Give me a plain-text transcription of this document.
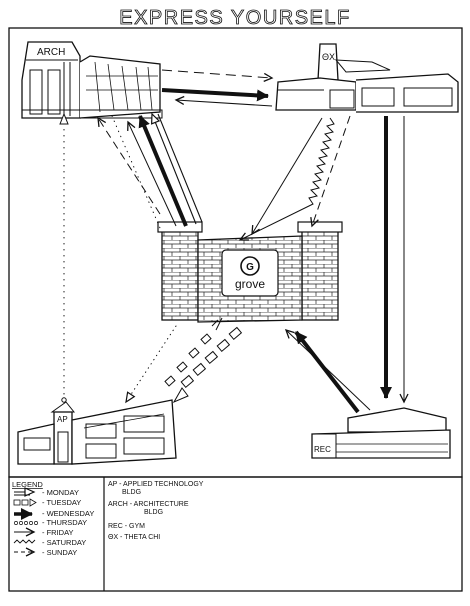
EXPRESS YOURSELF
ARCH	ΘX
G
grove
AP
REC
LEGEND
- MONDAY
- TUESDAY
- WEDNESDAY
- THURSDAY
- FRIDAY
- SATURDAY
- SUNDAY
AP - APPLIED TECHNOLOGY
BLDG
ARCH - ARCHITECTURE
BLDG
REC - GYM
ΘX - THETA CHI
